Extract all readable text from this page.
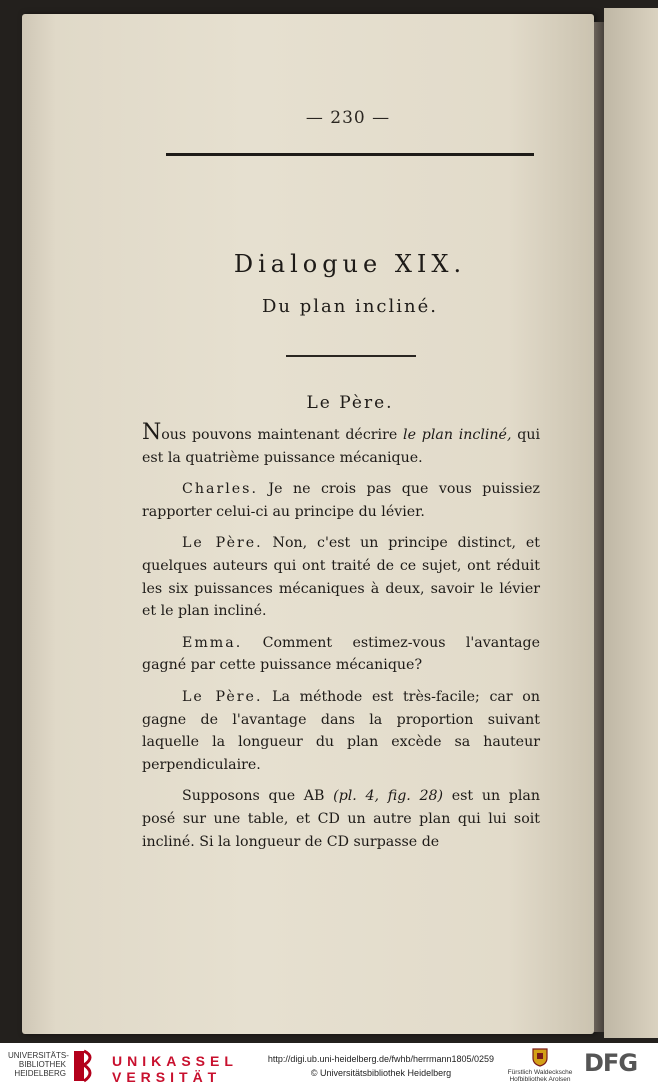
— 230 —
Dialogue XIX.
Du plan incliné.
Le Père.

Nous pouvons maintenant décrire le plan incliné, qui est la quatrième puissance mécanique.

Charles. Je ne crois pas que vous puissiez rapporter celui-ci au principe du lévier.

Le Père. Non, c'est un principe distinct, et quelques auteurs qui ont traité de ce sujet, ont réduit les six puissances mécaniques à deux, savoir le lévier et le plan incliné.

Emma. Comment estimez-vous l'avantage gagné par cette puissance mécanique?

Le Père. La méthode est très-facile; car on gagne de l'avantage dans la proportion suivant laquelle la longueur du plan excède sa hauteur perpendiculaire.

Supposons que AB (pl. 4, fig. 28) est un plan posé sur une table, et CD un autre plan qui lui soit incliné. Si la longueur de CD surpasse de

UNIVERSITÄTS-
BIBLIOTHEK
HEIDELBERG
UNIKASSEL
VERSITÄT
http://digi.ub.uni-heidelberg.de/fwhb/herrmann1805/0259
© Universitätsbibliothek Heidelberg	Fürstlich Waldecksche Hofbibliothek Arolsen
DFG
